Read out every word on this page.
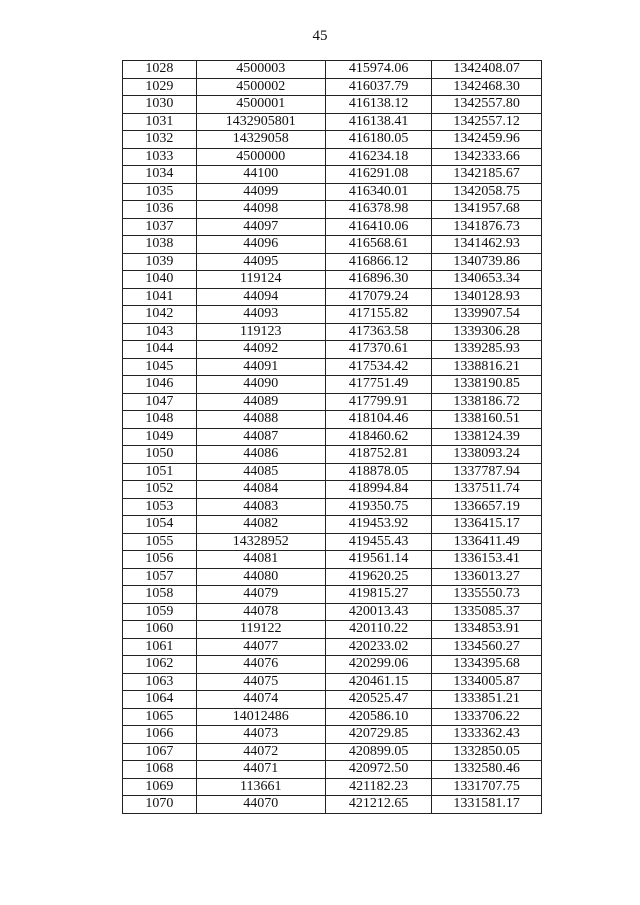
45
1028	4500003	415974.06	1342408.07
1029	4500002	416037.79	1342468.30
1030	4500001	416138.12	1342557.80
1031	1432905801	416138.41	1342557.12
1032	14329058	416180.05	1342459.96
1033	4500000	416234.18	1342333.66
1034	44100	416291.08	1342185.67
1035	44099	416340.01	1342058.75
1036	44098	416378.98	1341957.68
1037	44097	416410.06	1341876.73
1038	44096	416568.61	1341462.93
1039	44095	416866.12	1340739.86
1040	119124	416896.30	1340653.34
1041	44094	417079.24	1340128.93
1042	44093	417155.82	1339907.54
1043	119123	417363.58	1339306.28
1044	44092	417370.61	1339285.93
1045	44091	417534.42	1338816.21
1046	44090	417751.49	1338190.85
1047	44089	417799.91	1338186.72
1048	44088	418104.46	1338160.51
1049	44087	418460.62	1338124.39
1050	44086	418752.81	1338093.24
1051	44085	418878.05	1337787.94
1052	44084	418994.84	1337511.74
1053	44083	419350.75	1336657.19
1054	44082	419453.92	1336415.17
1055	14328952	419455.43	1336411.49
1056	44081	419561.14	1336153.41
1057	44080	419620.25	1336013.27
1058	44079	419815.27	1335550.73
1059	44078	420013.43	1335085.37
1060	119122	420110.22	1334853.91
1061	44077	420233.02	1334560.27
1062	44076	420299.06	1334395.68
1063	44075	420461.15	1334005.87
1064	44074	420525.47	1333851.21
1065	14012486	420586.10	1333706.22
1066	44073	420729.85	1333362.43
1067	44072	420899.05	1332850.05
1068	44071	420972.50	1332580.46
1069	113661	421182.23	1331707.75
1070	44070	421212.65	1331581.17
